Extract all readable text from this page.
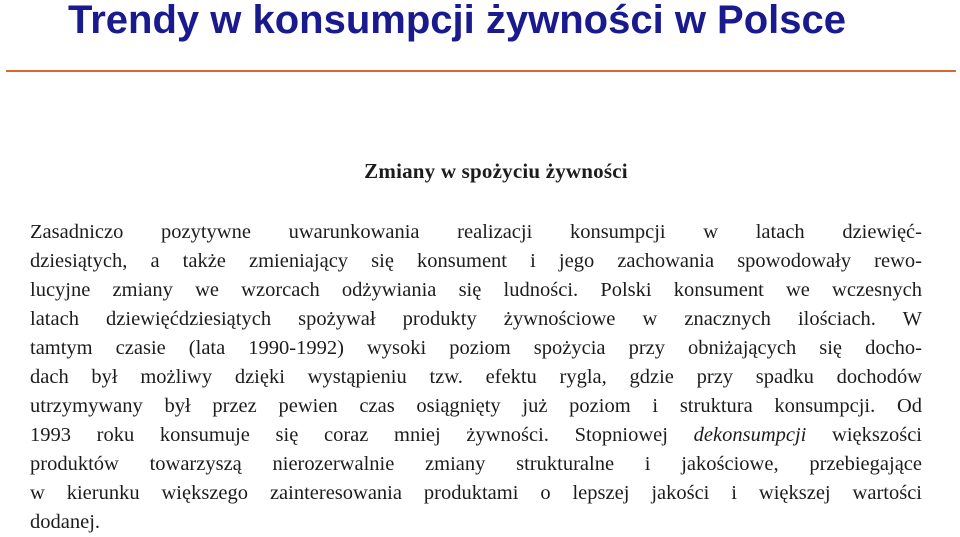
Trendy w konsumpcji żywności w Polsce
Zmiany w spożyciu żywności
Zasadniczo pozytywne uwarunkowania realizacji konsumpcji w latach dziewięć-
dziesiątych, a także zmieniający się konsument i jego zachowania spowodowały rewo-
lucyjne zmiany we wzorcach odżywiania się ludności. Polski konsument we wczesnych
latach dziewięćdziesiątych spożywał produkty żywnościowe w znacznych ilościach. W
tamtym czasie (lata 1990-1992) wysoki poziom spożycia przy obniżających się docho-
dach był możliwy dzięki wystąpieniu tzw. efektu rygla, gdzie przy spadku dochodów
utrzymywany był przez pewien czas osiągnięty już poziom i struktura konsumpcji. Od
1993 roku konsumuje się coraz mniej żywności. Stopniowej dekonsumpcji większości
produktów towarzyszą nierozerwalnie zmiany strukturalne i jakościowe, przebiegające
w kierunku większego zainteresowania produktami o lepszej jakości i większej wartości
dodanej.
